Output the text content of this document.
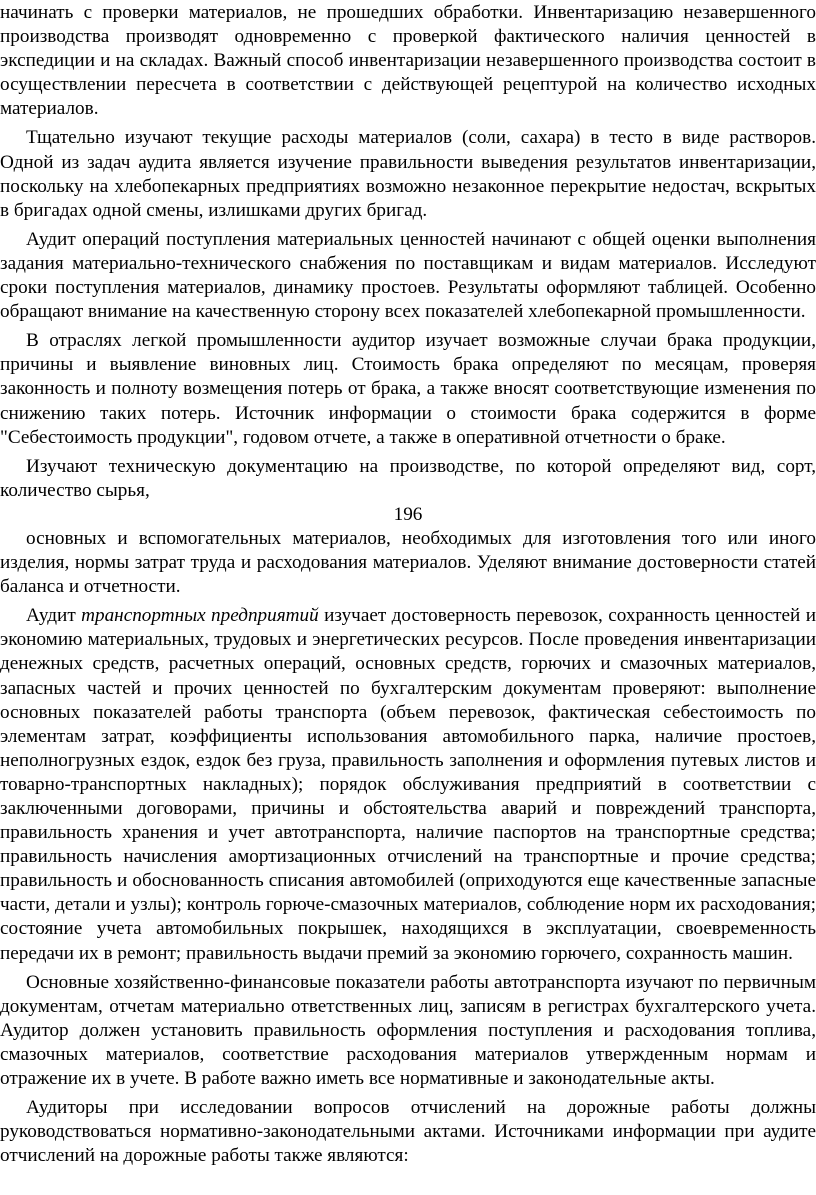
начинать с проверки материалов, не прошедших обработки. Инвентаризацию незавершенного производства производят одновременно с проверкой фактического наличия ценностей в экспедиции и на складах. Важный способ инвентаризации незавершенного производства состоит в осуществлении пересчета в соответствии с действующей рецептурой на количество исходных материалов.

Тщательно изучают текущие расходы материалов (соли, сахара) в тесто в виде растворов. Одной из задач аудита является изучение правильности выведения результатов инвентаризации, поскольку на хлебопекарных предприятиях возможно незаконное перекрытие недостач, вскрытых в бригадах одной смены, излишками других бригад.

Аудит операций поступления материальных ценностей начинают с общей оценки выполнения задания материально-технического снабжения по поставщикам и видам материалов. Исследуют сроки поступления материалов, динамику простоев. Результаты оформляют таблицей. Особенно обращают внимание на качественную сторону всех показателей хлебопекарной промышленности.

В отраслях легкой промышленности аудитор изучает возможные случаи брака продукции, причины и выявление виновных лиц. Стоимость брака определяют по месяцам, проверяя законность и полноту возмещения потерь от брака, а также вносят соответствующие изменения по снижению таких потерь. Источник информации о стоимости брака содержится в форме "Себестоимость продукции", годовом отчете, а также в оперативной отчетности о браке.

Изучают техническую документацию на производстве, по которой определяют вид, сорт, количество сырья,

196

основных и вспомогательных материалов, необходимых для изготовления того или иного изделия, нормы затрат труда и расходования материалов. Уделяют внимание достоверности статей баланса и отчетности.

Аудит транспортных предприятий изучает достоверность перевозок, сохранность ценностей и экономию материальных, трудовых и энергетических ресурсов. После проведения инвентаризации денежных средств, расчетных операций, основных средств, горючих и смазочных материалов, запасных частей и прочих ценностей по бухгалтерским документам проверяют: выполнение основных показателей работы транспорта (объем перевозок, фактическая себестоимость по элементам затрат, коэффициенты использования автомобильного парка, наличие простоев, неполногрузных ездок, ездок без груза, правильность заполнения и оформления путевых листов и товарно-транспортных накладных); порядок обслуживания предприятий в соответствии с заключенными договорами, причины и обстоятельства аварий и повреждений транспорта, правильность хранения и учет автотранспорта, наличие паспортов на транспортные средства; правильность начисления амортизационных отчислений на транспортные и прочие средства; правильность и обоснованность списания автомобилей (оприходуются еще качественные запасные части, детали и узлы); контроль горюче-смазочных материалов, соблюдение норм их расходования; состояние учета автомобильных покрышек, находящихся в эксплуатации, своевременность передачи их в ремонт; правильность выдачи премий за экономию горючего, сохранность машин.

Основные хозяйственно-финансовые показатели работы автотранспорта изучают по первичным документам, отчетам материально ответственных лиц, записям в регистрах бухгалтерского учета. Аудитор должен установить правильность оформления поступления и расходования топлива, смазочных материалов, соответствие расходования материалов утвержденным нормам и отражение их в учете. В работе важно иметь все нормативные и законодательные акты.

Аудиторы при исследовании вопросов отчислений на дорожные работы должны руководствоваться нормативно-законодательными актами. Источниками информации при аудите отчислений на дорожные работы также являются:
